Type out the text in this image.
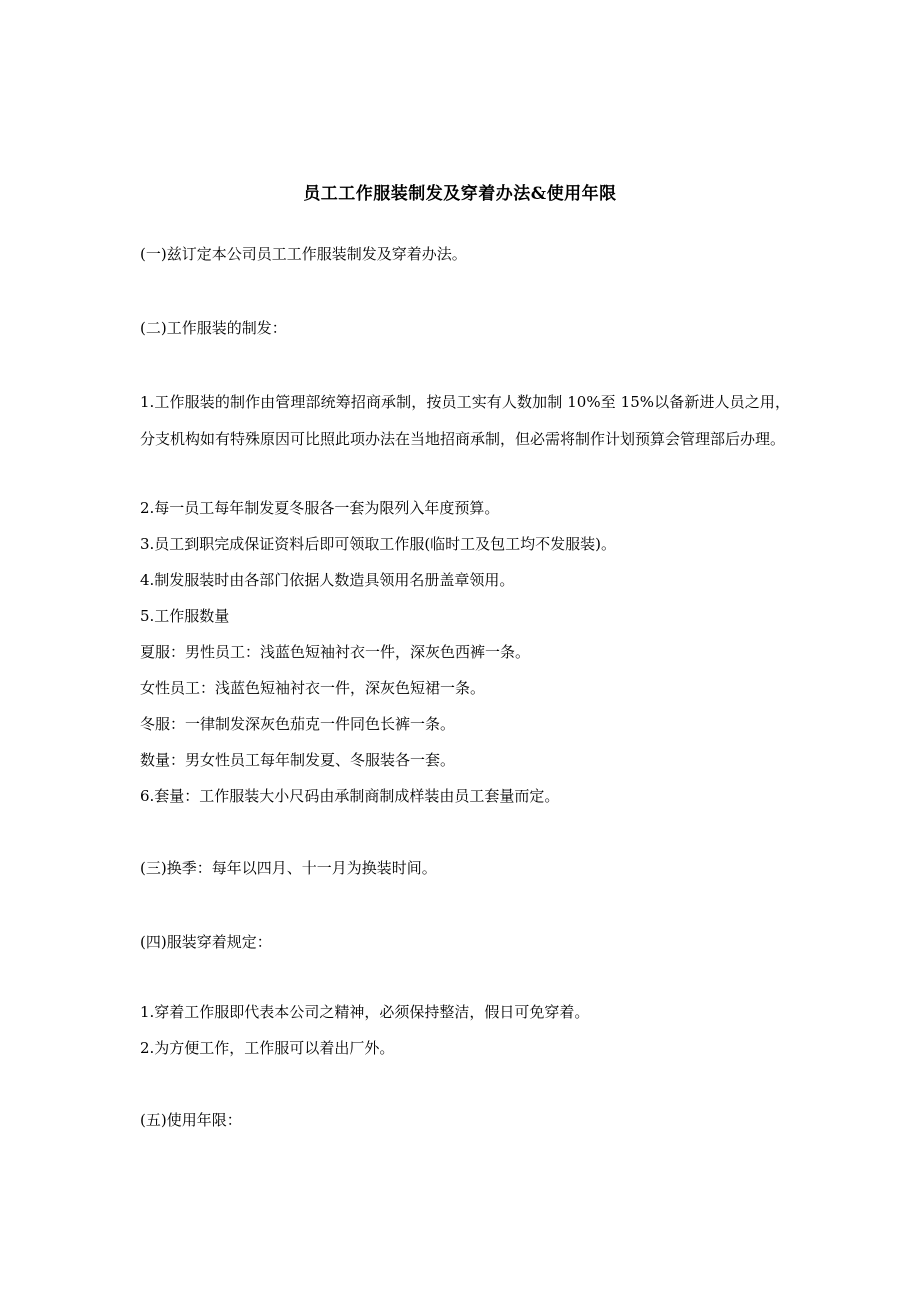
员工工作服装制发及穿着办法&使用年限
(一)兹订定本公司员工工作服装制发及穿着办法。
(二)工作服装的制发：
1.工作服装的制作由管理部统筹招商承制，按员工实有人数加制 10%至 15%以备新进人员之用，分支机构如有特殊原因可比照此项办法在当地招商承制，但必需将制作计划预算会管理部后办理。
2.每一员工每年制发夏冬服各一套为限列入年度预算。
3.员工到职完成保证资料后即可领取工作服(临时工及包工均不发服装)。
4.制发服装时由各部门依据人数造具领用名册盖章领用。
5.工作服数量
夏服：男性员工：浅蓝色短袖衬衣一件，深灰色西裤一条。
女性员工：浅蓝色短袖衬衣一件，深灰色短裙一条。
冬服：一律制发深灰色茄克一件同色长裤一条。
数量：男女性员工每年制发夏、冬服装各一套。
6.套量：工作服装大小尺码由承制商制成样装由员工套量而定。
(三)换季：每年以四月、十一月为换装时间。
(四)服装穿着规定：
1.穿着工作服即代表本公司之精神，必须保持整洁，假日可免穿着。
2.为方便工作，工作服可以着出厂外。
(五)使用年限：
